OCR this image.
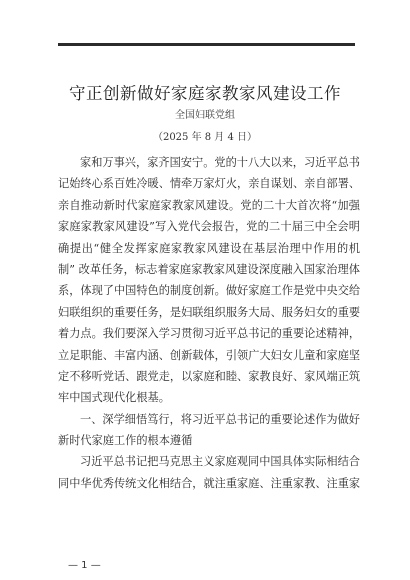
守正创新做好家庭家教家风建设工作
全国妇联党组
（2025 年 8 月 4 日）
家和万事兴，家齐国安宁。党的十八大以来，习近平总书
记始终心系百姓冷暖、情牵万家灯火，亲自谋划、亲自部署、
亲自推动新时代家庭家教家风建设。党的二十大首次将“加强
家庭家教家风建设”写入党代会报告，党的二十届三中全会明
确提出“健全发挥家庭家教家风建设在基层治理中作用的机
制” 改革任务，标志着家庭家教家风建设深度融入国家治理体
系，体现了中国特色的制度创新。做好家庭工作是党中央交给
妇联组织的重要任务，是妇联组织服务大局、服务妇女的重要
着力点。我们要深入学习贯彻习近平总书记的重要论述精神，
立足职能、丰富内涵、创新载体，引领广大妇女儿童和家庭坚
定不移听党话、跟党走，以家庭和睦、家教良好、家风端正筑
牢中国式现代化根基。
一、深学细悟笃行，将习近平总书记的重要论述作为做好
新时代家庭工作的根本遵循
习近平总书记把马克思主义家庭观同中国具体实际相结合
同中华优秀传统文化相结合，就注重家庭、注重家教、注重家
— 1 —
